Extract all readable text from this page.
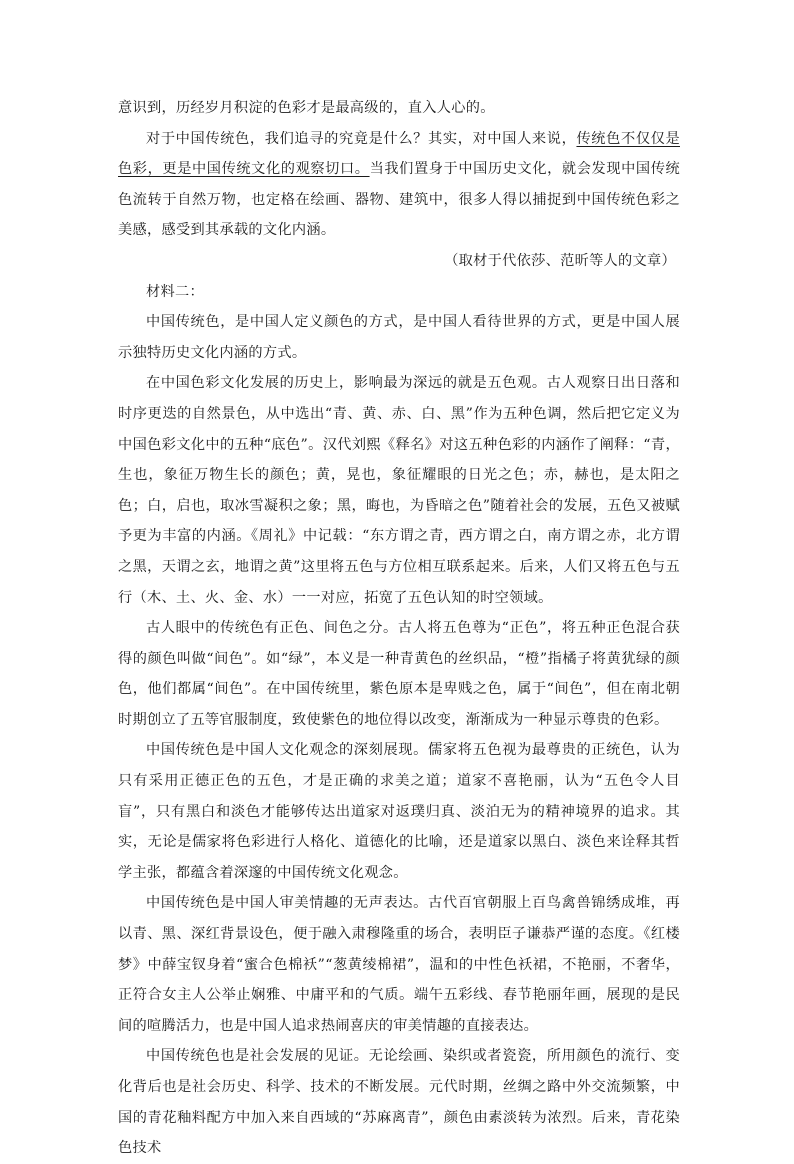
意识到，历经岁月积淀的色彩才是最高级的，直入人心的。

对于中国传统色，我们追寻的究竟是什么？其实，对中国人来说，传统色不仅仅是色彩，更是中国传统文化的观察切口。当我们置身于中国历史文化，就会发现中国传统色流转于自然万物，也定格在绘画、器物、建筑中，很多人得以捕捉到中国传统色彩之美感，感受到其承载的文化内涵。

（取材于代依莎、范昕等人的文章）

材料二：

中国传统色，是中国人定义颜色的方式，是中国人看待世界的方式，更是中国人展示独特历史文化内涵的方式。

在中国色彩文化发展的历史上，影响最为深远的就是五色观。古人观察日出日落和时序更迭的自然景色，从中选出“青、黄、赤、白、黑”作为五种色调，然后把它定义为中国色彩文化中的五种“底色”。汉代刘熙《释名》对这五种色彩的内涵作了阐释：“青，生也，象征万物生长的颜色；黄，晃也，象征耀眼的日光之色；赤，赫也，是太阳之色；白，启也，取冰雪凝积之象；黑，晦也，为昏暗之色”随着社会的发展，五色又被赋予更为丰富的内涵。《周礼》中记载：“东方谓之青，西方谓之白，南方谓之赤，北方谓之黑，天谓之玄，地谓之黄”这里将五色与方位相互联系起来。后来，人们又将五色与五行（木、土、火、金、水）一一对应，拓宽了五色认知的时空领域。

古人眼中的传统色有正色、间色之分。古人将五色尊为“正色”，将五种正色混合获得的颜色叫做“间色”。如“绿”，本义是一种青黄色的丝织品，“橙”指橘子将黄犹绿的颜色，他们都属“间色”。在中国传统里，紫色原本是卑贱之色，属于“间色”，但在南北朝时期创立了五等官服制度，致使紫色的地位得以改变，渐渐成为一种显示尊贵的色彩。

中国传统色是中国人文化观念的深刻展现。儒家将五色视为最尊贵的正统色，认为只有采用正德正色的五色，才是正确的求美之道；道家不喜艳丽，认为“五色令人目盲”，只有黑白和淡色才能够传达出道家对返璞归真、淡泊无为的精神境界的追求。其实，无论是儒家将色彩进行人格化、道德化的比喻，还是道家以黑白、淡色来诠释其哲学主张，都蕴含着深邃的中国传统文化观念。

中国传统色是中国人审美情趣的无声表达。古代百官朝服上百鸟禽兽锦绣成堆，再以青、黑、深红背景设色，便于融入肃穆隆重的场合，表明臣子谦恭严谨的态度。《红楼梦》中薛宝钗身着“蜜合色棉袄”“葱黄绫棉裙”，温和的中性色袄裙，不艳丽，不奢华，正符合女主人公举止娴雅、中庸平和的气质。端午五彩线、春节艳丽年画，展现的是民间的喧腾活力，也是中国人追求热闹喜庆的审美情趣的直接表达。

中国传统色也是社会发展的见证。无论绘画、染织或者瓷瓷，所用颜色的流行、变化背后也是社会历史、科学、技术的不断发展。元代时期，丝绸之路中外交流频繁，中国的青花釉料配方中加入来自西域的“苏麻离青”，颜色由素淡转为浓烈。后来，青花染色技术
